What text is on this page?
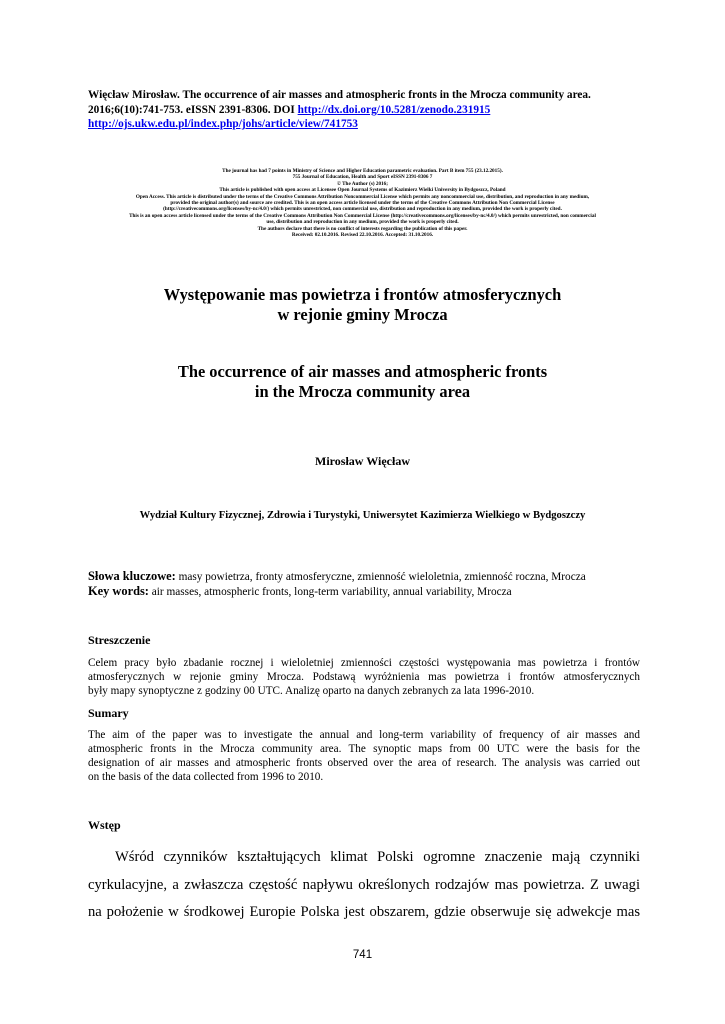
Więcław Mirosław. The occurrence of air masses and atmospheric fronts in the Mrocza community area.
2016;6(10):741-753. eISSN 2391-8306. DOI http://dx.doi.org/10.5281/zenodo.231915
http://ojs.ukw.edu.pl/index.php/johs/article/view/741753
The journal has had 7 points in Ministry of Science and Higher Education parametric evaluation. Part B item 755 (23.12.2015).
755 Journal of Education, Health and Sport eISSN 2391-8306 7
© The Author (s) 2016;
This article is published with open access at Licensee Open Journal Systems of Kazimierz Wielki University in Bydgoszcz, Poland
Open Access. This article is distributed under the terms of the Creative Commons Attribution Noncommercial License which permits any noncommercial use, distribution, and reproduction in any medium,
provided the original author(s) and source are credited. This is an open access article licensed under the terms of the Creative Commons Attribution Non Commercial License
(http://creativecommons.org/licenses/by-nc/4.0/) which permits unrestricted, non commercial use, distribution and reproduction in any medium, provided the work is properly cited.
This is an open access article licensed under the terms of the Creative Commons Attribution Non Commercial License (http://creativecommons.org/licenses/by-nc/4.0/) which permits unrestricted, non commercial
use, distribution and reproduction in any medium, provided the work is properly cited.
The authors declare that there is no conflict of interests regarding the publication of this paper.
Received: 02.10.2016. Revised 22.10.2016. Accepted: 31.10.2016.
Występowanie mas powietrza i frontów atmosferycznych
w rejonie gminy Mrocza
The occurrence of air masses and atmospheric fronts
in the Mrocza community area
Mirosław Więcław
Wydział Kultury Fizycznej, Zdrowia i Turystyki, Uniwersytet Kazimierza Wielkiego w Bydgoszczy
Słowa kluczowe: masy powietrza, fronty atmosferyczne, zmienność wieloletnia, zmienność roczna, Mrocza
Key words: air masses, atmospheric fronts, long-term variability, annual variability, Mrocza
Streszczenie
Celem pracy było zbadanie rocznej i wieloletniej zmienności częstości występowania mas powietrza i frontów
atmosferycznych w rejonie gminy Mrocza. Podstawą wyróżnienia mas powietrza i frontów atmosferycznych
były mapy synoptyczne z godziny 00 UTC. Analizę oparto na danych zebranych za lata 1996-2010.
Sumary
The aim of the paper was to investigate the annual and long-term variability of frequency of air masses and
atmospheric fronts in the Mrocza community area. The synoptic maps from 00 UTC were the basis for the
designation of air masses and atmospheric fronts observed over the area of research. The analysis was carried out
on the basis of the data collected from 1996 to 2010.
Wstęp
Wśród czynników kształtujących klimat Polski ogromne znaczenie mają czynniki
cyrkulacyjne, a zwłaszcza częstość napływu określonych rodzajów mas powietrza. Z uwagi
na położenie w środkowej Europie Polska jest obszarem, gdzie obserwuje się adwekcje mas
741
